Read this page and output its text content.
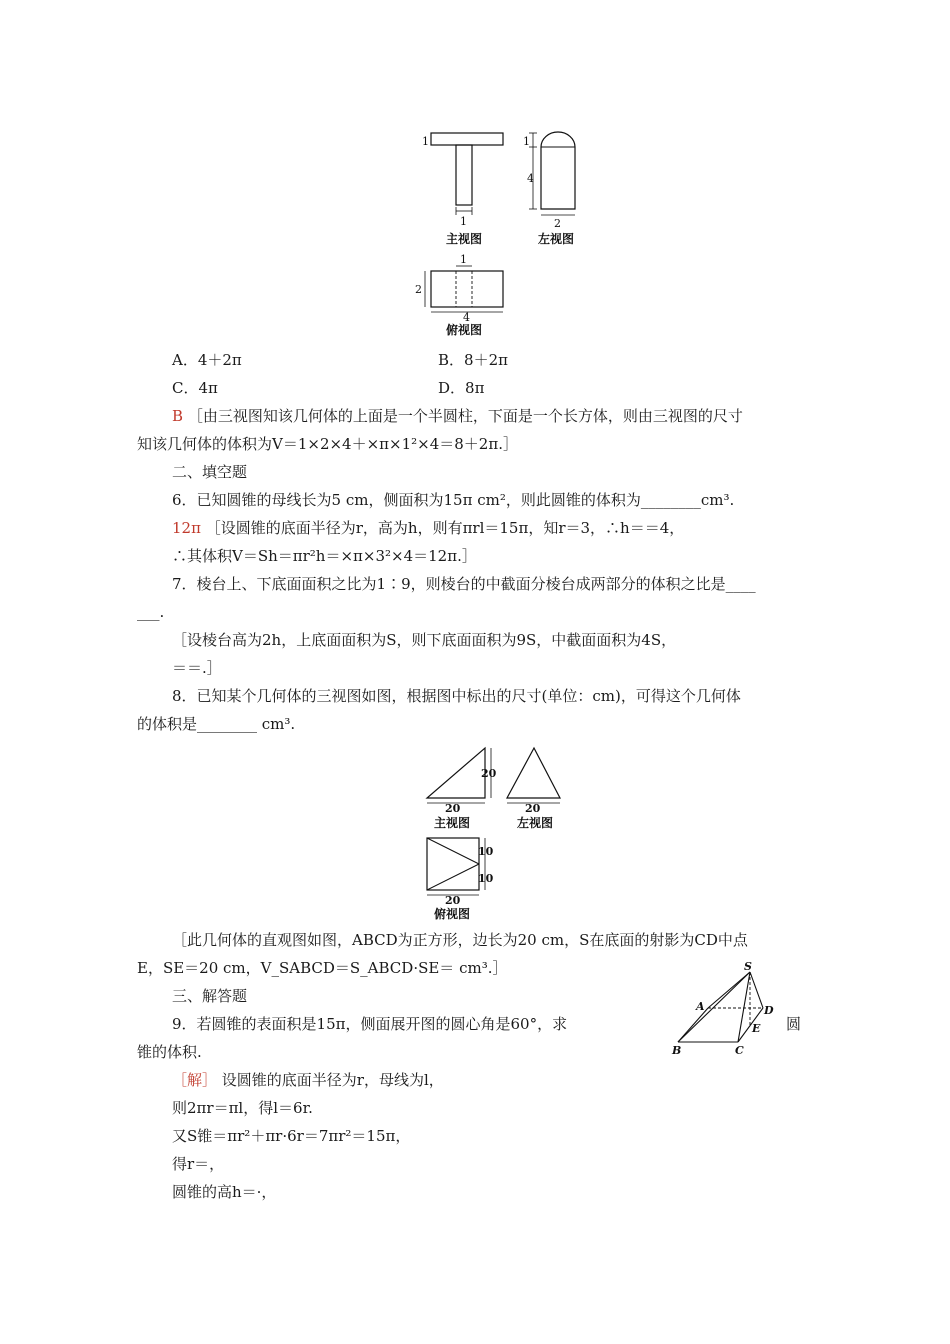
1
1
主视图
1
4
2
左视图
1
2
4
俯视图
A．4＋2π	B．8＋2π
C．4π	D．8π
B ［由三视图知该几何体的上面是一个半圆柱，下面是一个长方体，则由三视图的尺寸
知该几何体的体积为V＝1×2×4＋×π×1²×4＝8＋2π.］
二、填空题
6．已知圆锥的母线长为5 cm，侧面积为15π cm²，则此圆锥的体积为________cm³.
12π ［设圆锥的底面半径为r，高为h，则有πrl＝15π，知r＝3，∴h＝＝4，
∴其体积V＝Sh＝πr²h＝×π×3²×4＝12π.］
7．棱台上、下底面面积之比为1∶9，则棱台的中截面分棱台成两部分的体积之比是____
___.
［设棱台高为2h，上底面面积为S，则下底面面积为9S，中截面面积为4S，
＝＝.］
8．已知某个几何体的三视图如图，根据图中标出的尺寸(单位：cm)，可得这个几何体
的体积是________ cm³.
20
20
主视图
20
左视图
10
10
20
俯视图
［此几何体的直观图如图，ABCD为正方形，边长为20 cm，S在底面的射影为CD中点
E，SE＝20 cm，V_SABCD＝S_ABCD·SE＝ cm³.］
三、解答题
9．若圆锥的表面积是15π，侧面展开图的圆心角是60°，求	圆
锥的体积.
S
A
B	C
D
E
［解］ 设圆锥的底面半径为r，母线为l，
则2πr＝πl，得l＝6r.
又S锥＝πr²＋πr·6r＝7πr²＝15π，
得r＝，
圆锥的高h＝·，
